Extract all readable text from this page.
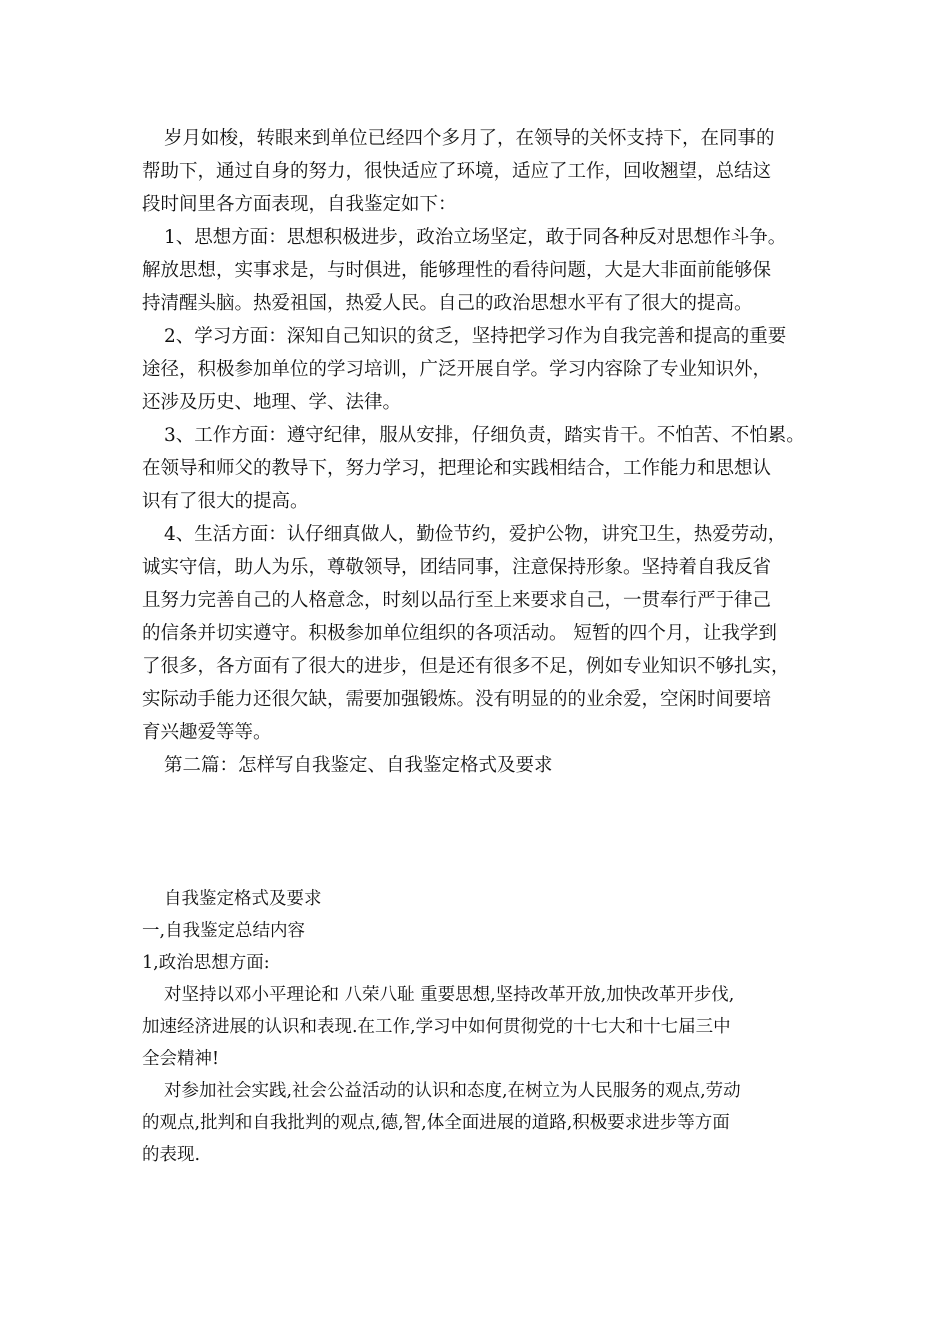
岁月如梭，转眼来到单位已经四个多月了，在领导的关怀支持下，在同事的
帮助下，通过自身的努力，很快适应了环境，适应了工作，回收翘望，总结这
段时间里各方面表现，自我鉴定如下：
1、思想方面：思想积极进步，政治立场坚定，敢于同各种反对思想作斗争。
解放思想，实事求是，与时俱进，能够理性的看待问题，大是大非面前能够保
持清醒头脑。热爱祖国，热爱人民。自己的政治思想水平有了很大的提高。
2、学习方面：深知自己知识的贫乏，坚持把学习作为自我完善和提高的重要
途径，积极参加单位的学习培训，广泛开展自学。学习内容除了专业知识外，
还涉及历史、地理、学、法律。
3、工作方面：遵守纪律，服从安排，仔细负责，踏实肯干。不怕苦、不怕累。
在领导和师父的教导下，努力学习，把理论和实践相结合，工作能力和思想认
识有了很大的提高。
4、生活方面：认仔细真做人，勤俭节约，爱护公物，讲究卫生，热爱劳动，
诚实守信，助人为乐，尊敬领导，团结同事，注意保持形象。坚持着自我反省
且努力完善自己的人格意念，时刻以品行至上来要求自己，一贯奉行严于律己
的信条并切实遵守。积极参加单位组织的各项活动。 短暂的四个月，让我学到
了很多，各方面有了很大的进步，但是还有很多不足，例如专业知识不够扎实，
实际动手能力还很欠缺，需要加强锻炼。没有明显的的业余爱，空闲时间要培
育兴趣爱等等。
第二篇：怎样写自我鉴定、自我鉴定格式及要求
自我鉴定格式及要求
一,自我鉴定总结内容
1,政治思想方面:
对坚持以邓小平理论和 八荣八耻 重要思想,坚持改革开放,加快改革开步伐,
加速经济进展的认识和表现.在工作,学习中如何贯彻党的十七大和十七届三中
全会精神!
对参加社会实践,社会公益活动的认识和态度,在树立为人民服务的观点,劳动
的观点,批判和自我批判的观点,德,智,体全面进展的道路,积极要求进步等方面
的表现.
